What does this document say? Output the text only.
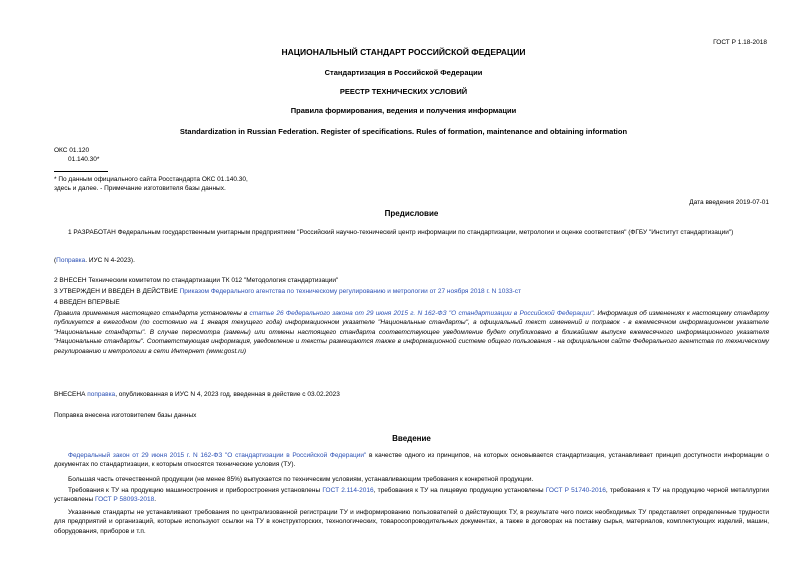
ГОСТ Р 1.18-2018
НАЦИОНАЛЬНЫЙ СТАНДАРТ РОССИЙСКОЙ ФЕДЕРАЦИИ
Стандартизация в Российской Федерации
РЕЕСТР ТЕХНИЧЕСКИХ УСЛОВИЙ
Правила формирования, ведения и получения информации
Standardization in Russian Federation. Register of specifications. Rules of formation, maintenance and obtaining information
ОКС 01.120
01.140.30*
* По данным официального сайта Росстандарта ОКС 01.140.30,
здесь и далее. - Примечание изготовителя базы данных.
Дата введения 2019-07-01
Предисловие
1 РАЗРАБОТАН Федеральным государственным унитарным предприятием "Российский научно-технический центр информации по стандартизации, метрологии и оценке соответствия" (ФГБУ "Институт стандартизации")
(Поправка. ИУС N 4-2023).
2 ВНЕСЕН Техническим комитетом по стандартизации ТК 012 "Методология стандартизации"
3 УТВЕРЖДЕН И ВВЕДЕН В ДЕЙСТВИЕ Приказом Федерального агентства по техническому регулированию и метрологии от 27 ноября 2018 г. N 1033-ст
4 ВВЕДЕН ВПЕРВЫЕ
Правила применения настоящего стандарта установлены в статье 26 Федерального закона от 29 июня 2015 г. N 162-ФЗ "О стандартизации в Российской Федерации". Информация об изменениях к настоящему стандарту публикуется в ежегодном (по состоянию на 1 января текущего года) информационном указателе "Национальные стандарты", а официальный текст изменений и поправок - в ежемесячном информационном указателе "Национальные стандарты". В случае пересмотра (замены) или отмены настоящего стандарта соответствующее уведомление будет опубликовано в ближайшем выпуске ежемесячного информационного указателя "Национальные стандарты". Соответствующая информация, уведомление и тексты размещаются также в информационной системе общего пользования - на официальном сайте Федерального агентства по техническому регулированию и метрологии в сети Интернет (www.gost.ru)
ВНЕСЕНА поправка, опубликованная в ИУС N 4, 2023 год, введенная в действие с 03.02.2023
Поправка внесена изготовителем базы данных
Введение
Федеральный закон от 29 июня 2015 г. N 162-ФЗ "О стандартизации в Российской Федерации" в качестве одного из принципов, на которых основывается стандартизация, устанавливает принцип доступности информации о документах по стандартизации, к которым относятся технические условия (ТУ).
Большая часть отечественной продукции (не менее 85%) выпускается по техническим условиям, устанавливающим требования к конкретной продукции.
Требования к ТУ на продукцию машиностроения и приборостроения установлены ГОСТ 2.114-2016, требования к ТУ на пищевую продукцию установлены ГОСТ Р 51740-2016, требования к ТУ на продукцию черной металлургии установлены ГОСТ Р 58093-2018.
Указанные стандарты не устанавливают требования по централизованной регистрации ТУ и информированию пользователей о действующих ТУ, в результате чего поиск необходимых ТУ представляет определенные трудности для предприятий и организаций, которые используют ссылки на ТУ в конструкторских, технологических, товаросопроводительных документах, а также в договорах на поставку сырья, материалов, комплектующих изделий, машин, оборудования, приборов и т.п.
